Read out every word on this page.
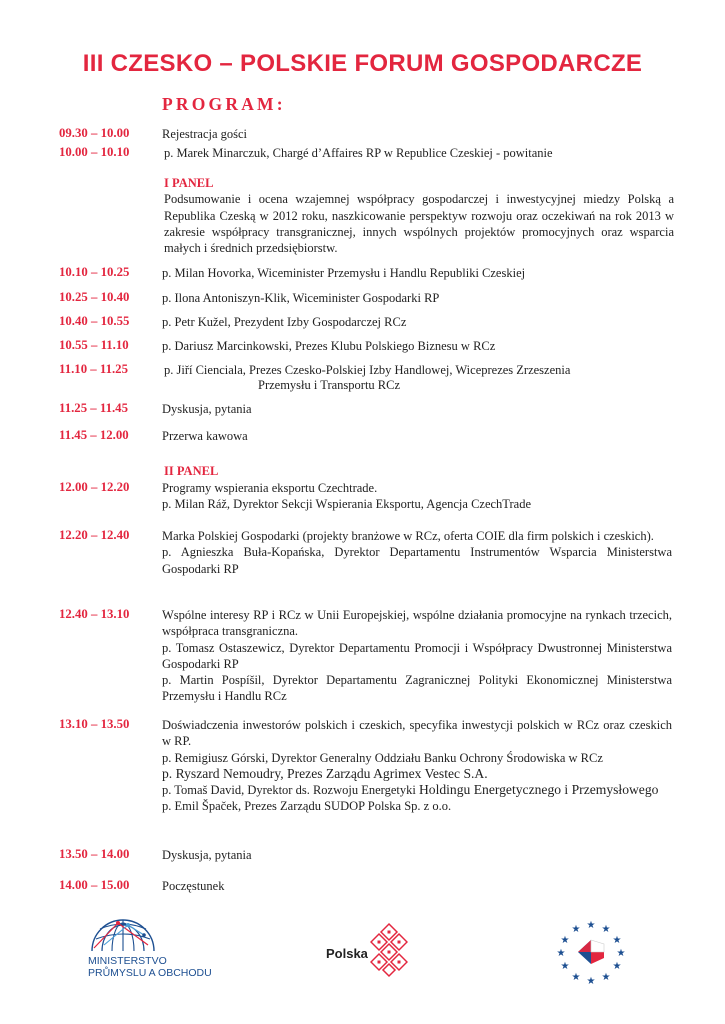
III CZESKO – POLSKIE FORUM GOSPODARCZE
PROGRAM:
09.30 – 10.00	Rejestracja gości
10.00 – 10.10	p. Marek Minarczuk, Chargé d’Affaires RP w Republice Czeskiej - powitanie
I PANEL
Podsumowanie i ocena wzajemnej współpracy gospodarczej i inwestycyjnej miedzy Polską a Republika Czeską w 2012 roku, naszkicowanie perspektyw rozwoju oraz oczekiwań na rok 2013 w zakresie współpracy transgranicznej, innych wspólnych projektów promocyjnych oraz wsparcia małych i średnich przedsiębiorstw.
10.10 – 10.25	p. Milan Hovorka, Wiceminister Przemysłu i Handlu Republiki Czeskiej
10.25 – 10.40	p. Ilona Antoniszyn-Klik, Wiceminister Gospodarki RP
10.40 – 10.55	p. Petr Kužel, Prezydent Izby Gospodarczej RCz
10.55 – 11.10	p. Dariusz Marcinkowski, Prezes Klubu Polskiego Biznesu w RCz
11.10 – 11.25	p. Jiří Cienciala, Prezes Czesko-Polskiej Izby Handlowej, Wiceprezes Zrzeszenia
Przemysłu i Transportu RCz
11.25 – 11.45	Dyskusja, pytania
11.45 – 12.00	Przerwa kawowa
II PANEL
12.00 – 12.20	Programy wspierania eksportu Czechtrade.
p. Milan Ráž, Dyrektor Sekcji Wspierania Eksportu, Agencja CzechTrade
12.20 – 12.40	Marka Polskiej Gospodarki (projekty branżowe w RCz, oferta COIE dla firm polskich i czeskich).
p. Agnieszka Buła-Kopańska, Dyrektor Departamentu Instrumentów Wsparcia Ministerstwa Gospodarki RP
12.40 – 13.10	Wspólne interesy RP i RCz w Unii Europejskiej, wspólne działania promocyjne na rynkach trzecich, współpraca transgraniczna.
p. Tomasz Ostaszewicz, Dyrektor Departamentu Promocji i Współpracy Dwustronnej Ministerstwa Gospodarki RP
p. Martin Pospíšil, Dyrektor Departamentu Zagranicznej Polityki Ekonomicznej Ministerstwa Przemysłu i Handlu RCz
13.10 – 13.50	Doświadczenia inwestorów polskich i czeskich, specyfika inwestycji polskich w RCz oraz czeskich w RP.
p. Remigiusz Górski, Dyrektor Generalny Oddziału Banku Ochrony Środowiska w RCz
p. Ryszard Nemoudry, Prezes Zarządu Agrimex Vestec S.A.
p. Tomaš David, Dyrektor ds. Rozwoju Energetyki Holdingu Energetycznego i Przemysłowego
p. Emil Špaček, Prezes Zarządu SUDOP Polska Sp. z o.o.
13.50 – 14.00	Dyskusja, pytania
14.00 – 15.00	Poczęstunek
MINISTERSTVO
PRŮMYSLU A OBCHODU
Polska
★ ★
★
★
★
★
★
★
★
★
★
★
